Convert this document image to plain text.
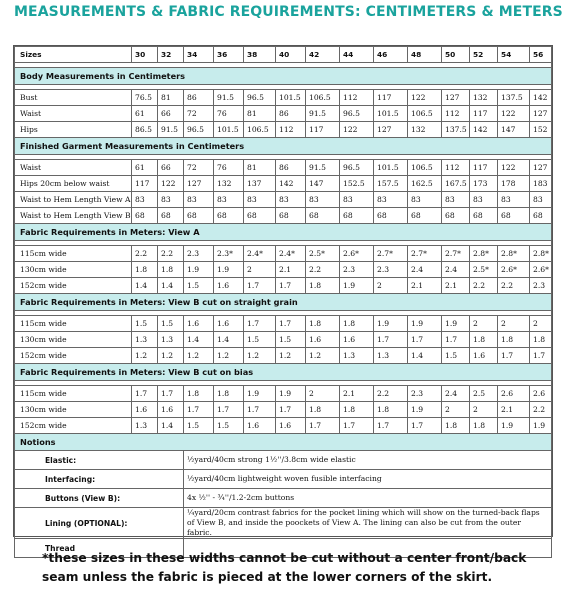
MEASUREMENTS & FABRIC REQUIREMENTS: CENTIMETERS & METERS
Sizes	30	32	34	36	38	40	42	44	46	48	50	52	54	56

Body Measurements in Centimeters														

Bust	76.5	81	86	91.5	96.5	101.5	106.5	112	117	122	127	132	137.5	142
Waist	61	66	72	76	81	86	91.5	96.5	101.5	106.5	112	117	122	127
Hips	86.5	91.5	96.5	101.5	106.5	112	117	122	127	132	137.5	142	147	152
Finished Garment Measurements in Centimeters														

Waist	61	66	72	76	81	86	91.5	96.5	101.5	106.5	112	117	122	127
Hips 20cm below waist	117	122	127	132	137	142	147	152.5	157.5	162.5	167.5	173	178	183
Waist to Hem Length View A	83	83	83	83	83	83	83	83	83	83	83	83	83	83
Waist to Hem Length View B	68	68	68	68	68	68	68	68	68	68	68	68	68	68
Fabric Requirements in Meters: View A														

115cm wide	2.2	2.2	2.3	2.3*	2.4*	2.4*	2.5*	2.6*	2.7*	2.7*	2.7*	2.8*	2.8*	2.8*
130cm wide	1.8	1.8	1.9	1.9	2	2.1	2.2	2.3	2.3	2.4	2.4	2.5*	2.6*	2.6*
152cm wide	1.4	1.4	1.5	1.6	1.7	1.7	1.8	1.9	2	2.1	2.1	2.2	2.2	2.3
Fabric Requirements in Meters: View B cut on straight grain														

115cm wide	1.5	1.5	1.6	1.6	1.7	1.7	1.8	1.8	1.9	1.9	1.9	2	2	2
130cm wide	1.3	1.3	1.4	1.4	1.5	1.5	1.6	1.6	1.7	1.7	1.7	1.8	1.8	1.8
152cm wide	1.2	1.2	1.2	1.2	1.2	1.2	1.2	1.3	1.3	1.4	1.5	1.6	1.7	1.7
Fabric Requirements in Meters: View B cut on bias														

115cm wide	1.7	1.7	1.8	1.8	1.9	1.9	2	2.1	2.2	2.3	2.4	2.5	2.6	2.6
130cm wide	1.6	1.6	1.7	1.7	1.7	1.7	1.8	1.8	1.8	1.9	2	2	2.1	2.2
152cm wide	1.3	1.4	1.5	1.5	1.6	1.6	1.7	1.7	1.7	1.7	1.8	1.8	1.9	1.9
Notions														
Elastic:			½yard/40cm strong 1½''/3.8cm wide elastic											
Interfacing:			½yard/40cm lightweight woven fusible interfacing											
Buttons (View B):			4x ½'' - ¾''/1.2-2cm buttons											
Lining (OPTIONAL):			¼yard/20cm contrast fabrics for the pocket lining which will show on the turned-back flaps of View B, and inside the poockets of View A. The lining can also be cut from the outer fabric.											
Thread														
*these sizes in these widths cannot be cut without a center front/back
seam unless the fabric is pieced at the lower corners of the skirt.
